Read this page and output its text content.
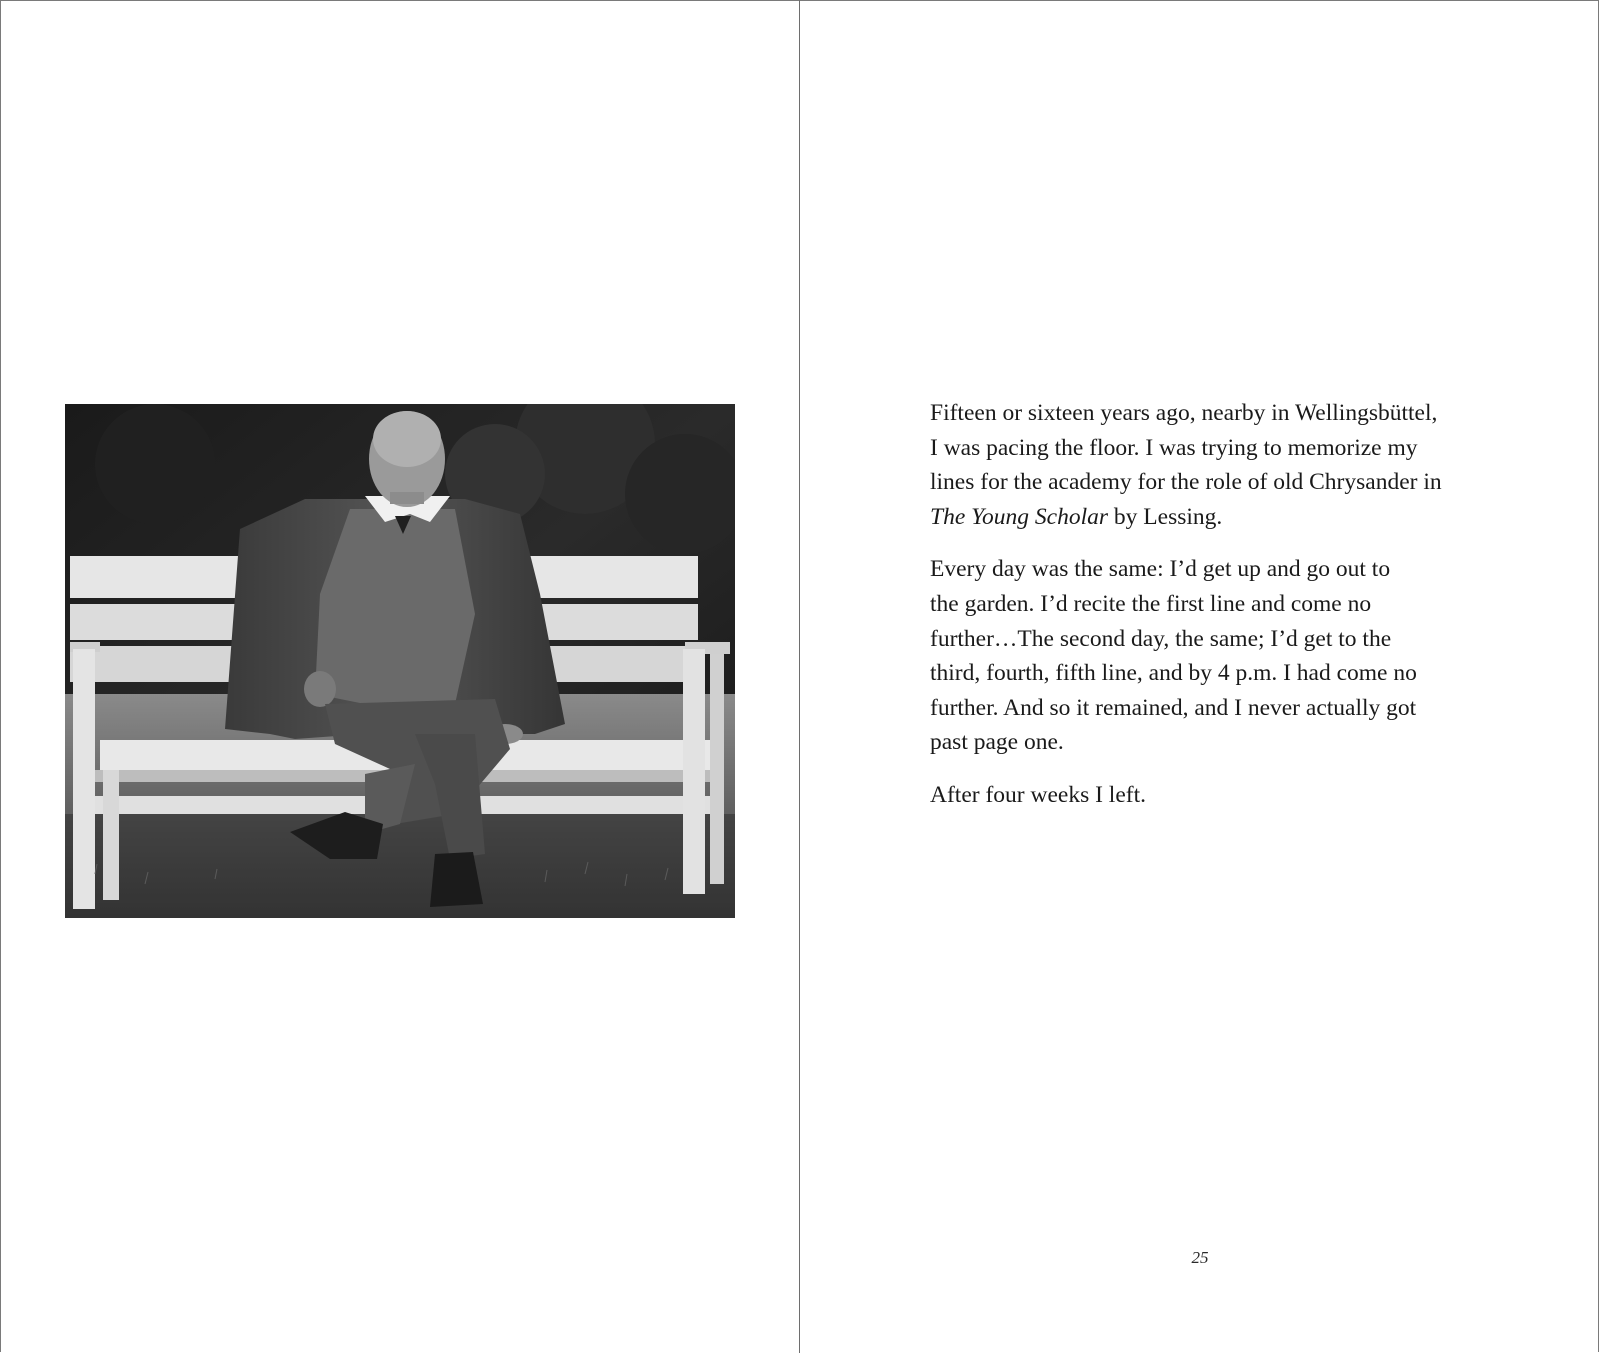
Fifteen or sixteen years ago, nearby in Wellingsbüttel,
I was pacing the floor. I was trying to memorize my
lines for the academy for the role of old Chrysander in
The Young Scholar by Lessing.
Every day was the same: I’d get up and go out to
the garden. I’d recite the first line and come no
further…The second day, the same; I’d get to the
third, fourth, fifth line, and by 4 p.m. I had come no
further. And so it remained, and I never actually got
past page one.
After four weeks I left.
25
